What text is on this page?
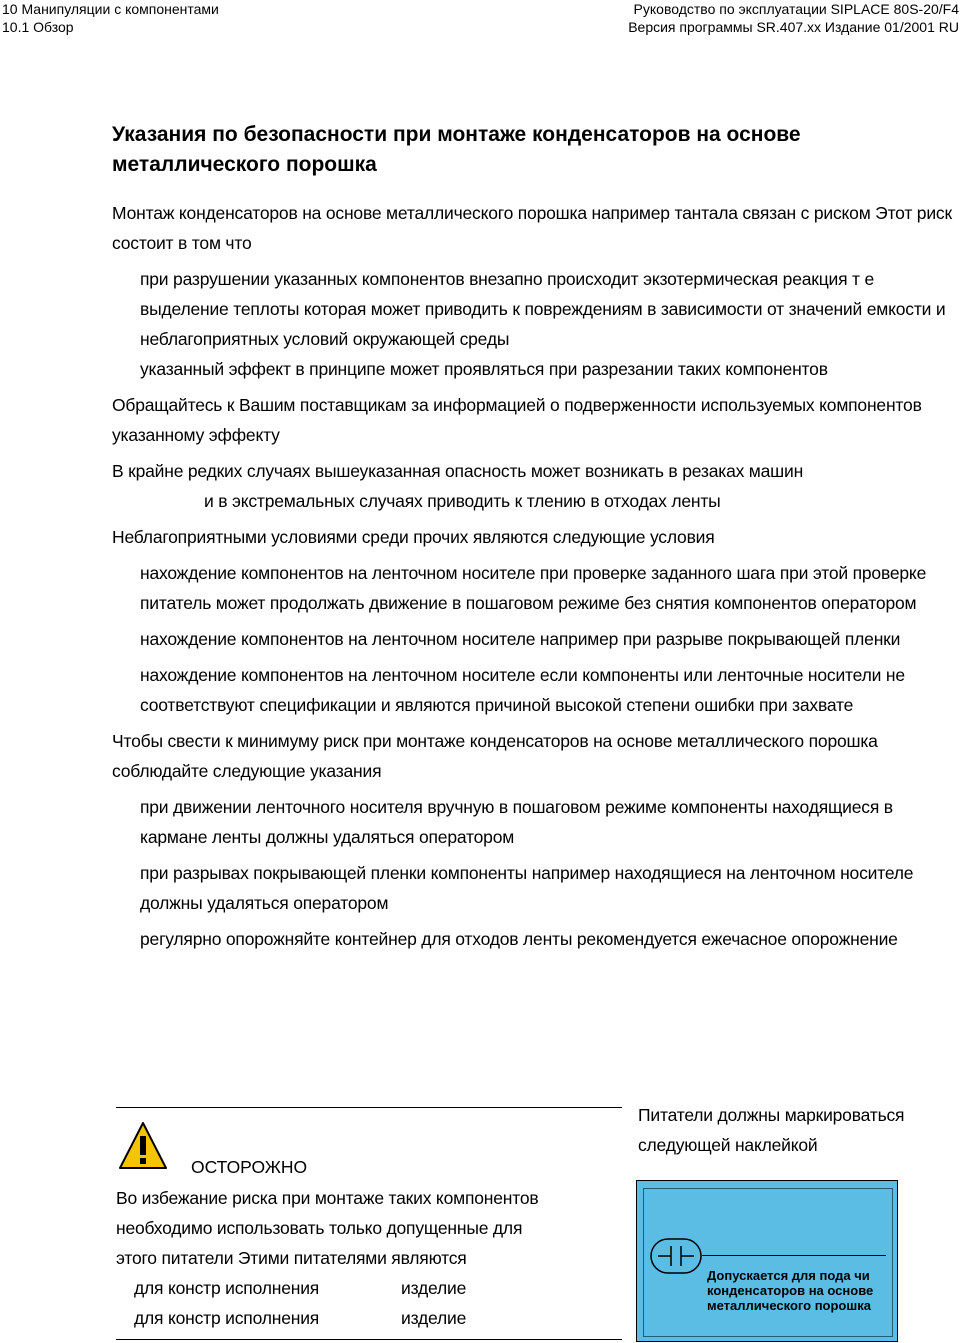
10 Манипуляции с компонентами
10.1 Обзор
Руководство по эксплуатации SIPLACE 80S-20/F4
Версия программы SR.407.xx Издание 01/2001 RU
Указания по безопасности при монтаже конденсаторов на основе металлического порошка

Монтаж конденсаторов на основе металлического порошка например тантала связан с риском Этот риск состоит в том что

при разрушении указанных компонентов внезапно происходит экзотермическая реакция т е выделение теплоты которая может приводить к повреждениям в зависимости от значений емкости и неблагоприятных условий окружающей среды

указанный эффект в принципе может проявляться при разрезании таких компонентов

Обращайтесь к Вашим поставщикам за информацией о подверженности используемых компонентов указанному эффекту

В крайне редких случаях вышеуказанная опасность может возникать в резаках машин
и в экстремальных случаях приводить к тлению в отходах ленты

Неблагоприятными условиями среди прочих являются следующие условия

нахождение компонентов на ленточном носителе при проверке заданного шага при этой проверке питатель может продолжать движение в пошаговом режиме без снятия компонентов оператором

нахождение компонентов на ленточном носителе например при разрыве покрывающей пленки

нахождение компонентов на ленточном носителе если компоненты или ленточные носители не соответствуют спецификации и являются причиной высокой степени ошибки при захвате

Чтобы свести к минимуму риск при монтаже конденсаторов на основе металлического порошка соблюдайте следующие указания

при движении ленточного носителя вручную в пошаговом режиме компоненты находящиеся в кармане ленты должны удаляться оператором

при разрывах покрывающей пленки компоненты например находящиеся на ленточном носителе должны удаляться оператором

регулярно опорожняйте контейнер для отходов ленты рекомендуется ежечасное опорожнение

ОСТОРОЖНО
Во избежание риска при монтаже таких компонентов
необходимо использовать только допущенные для
этого питатели Этими питателями являются
для констр исполнения	изделие
для констр исполнения	изделие
Питатели должны маркироваться следующей наклейкой
Допускается для пода чи конденсаторов на основе металлического порошка
